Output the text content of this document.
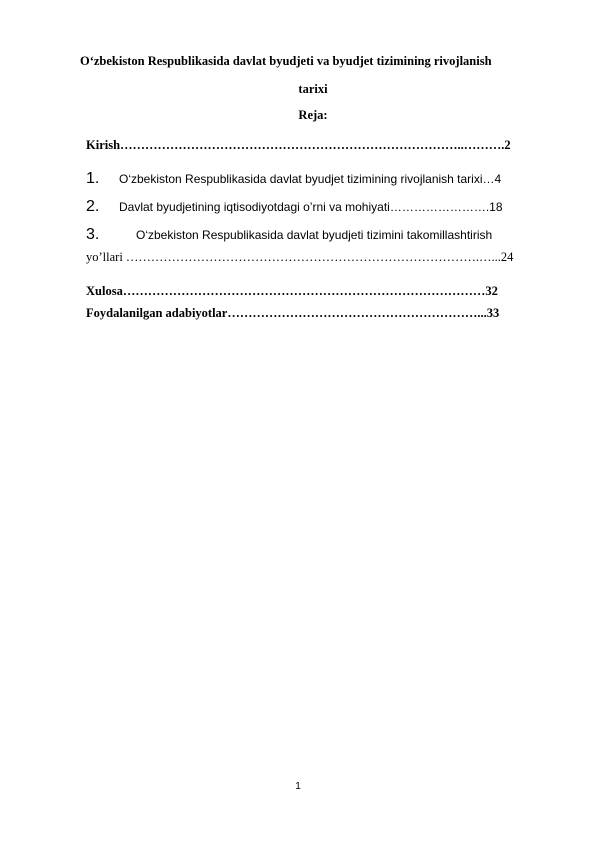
O‘zbekiston Respublikasida davlat byudjeti va byudjet tizimining rivojlanish
tarixi
Reja:
Kirish………………………………………………………………………..……….2
1. O‘zbekiston Respublikasida davlat byudjet tizimining rivojlanish tarixi…4
2. Davlat byudjetining iqtisodiyotdagi o’rni va mohiyati…………………….18
3.	O‘zbekiston Respublikasida davlat byudjeti tizimini takomillashtirish
yo’llari ………………………………………………………………………….…...24
Xulosa……………………………………………………………………………32
Foydalanilgan adabiyotlar……………………………………………………...33
1
